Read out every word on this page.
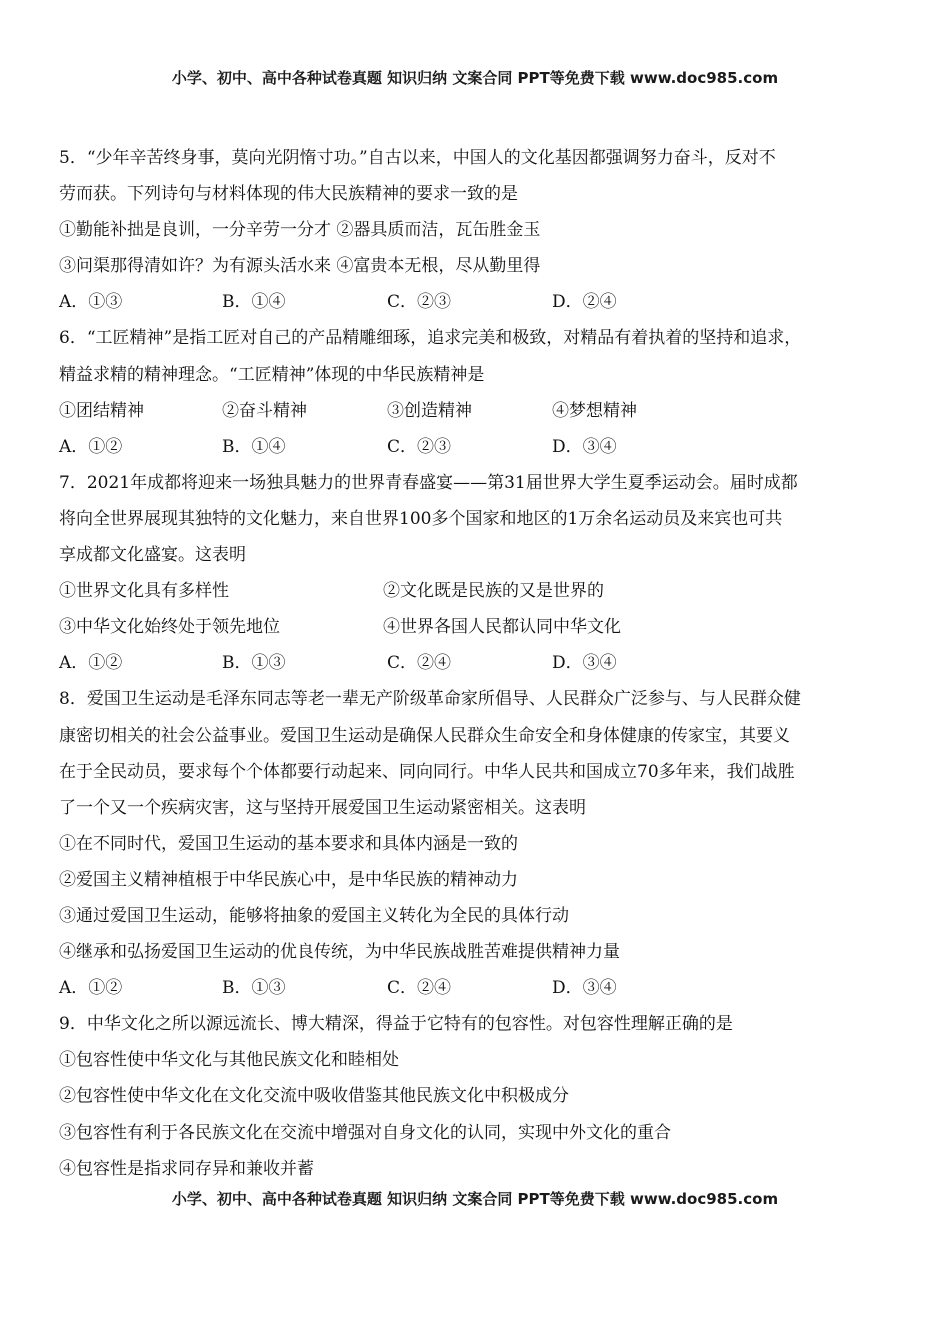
小学、初中、高中各种试卷真题 知识归纳 文案合同 PPT等免费下载 www.doc985.com
5．“少年辛苦终身事，莫向光阴惰寸功。”自古以来，中国人的文化基因都强调努力奋斗，反对不
劳而获。下列诗句与材料体现的伟大民族精神的要求一致的是
①勤能补拙是良训，一分辛劳一分才 ②器具质而洁，瓦缶胜金玉
③问渠那得清如许？为有源头活水来 ④富贵本无根，尽从勤里得
A．①③	B．①④	C．②③	D．②④
6．“工匠精神”是指工匠对自己的产品精雕细琢，追求完美和极致，对精品有着执着的坚持和追求，
精益求精的精神理念。“工匠精神”体现的中华民族精神是
①团结精神	②奋斗精神	③创造精神	④梦想精神
A．①②	B．①④	C．②③	D．③④
7．2021年成都将迎来一场独具魅力的世界青春盛宴——第31届世界大学生夏季运动会。届时成都
将向全世界展现其独特的文化魅力，来自世界100多个国家和地区的1万余名运动员及来宾也可共
享成都文化盛宴。这表明
①世界文化具有多样性	②文化既是民族的又是世界的
③中华文化始终处于领先地位	④世界各国人民都认同中华文化
A．①②	B．①③	C．②④	D．③④
8．爱国卫生运动是毛泽东同志等老一辈无产阶级革命家所倡导、人民群众广泛参与、与人民群众健
康密切相关的社会公益事业。爱国卫生运动是确保人民群众生命安全和身体健康的传家宝，其要义
在于全民动员，要求每个个体都要行动起来、同向同行。中华人民共和国成立70多年来，我们战胜
了一个又一个疾病灾害，这与坚持开展爱国卫生运动紧密相关。这表明
①在不同时代，爱国卫生运动的基本要求和具体内涵是一致的
②爱国主义精神植根于中华民族心中，是中华民族的精神动力
③通过爱国卫生运动，能够将抽象的爱国主义转化为全民的具体行动
④继承和弘扬爱国卫生运动的优良传统，为中华民族战胜苦难提供精神力量
A．①②	B．①③	C．②④	D．③④
9．中华文化之所以源远流长、博大精深，得益于它特有的包容性。对包容性理解正确的是
①包容性使中华文化与其他民族文化和睦相处
②包容性使中华文化在文化交流中吸收借鉴其他民族文化中积极成分
③包容性有利于各民族文化在交流中增强对自身文化的认同，实现中外文化的重合
④包容性是指求同存异和兼收并蓄
小学、初中、高中各种试卷真题 知识归纳 文案合同 PPT等免费下载 www.doc985.com
